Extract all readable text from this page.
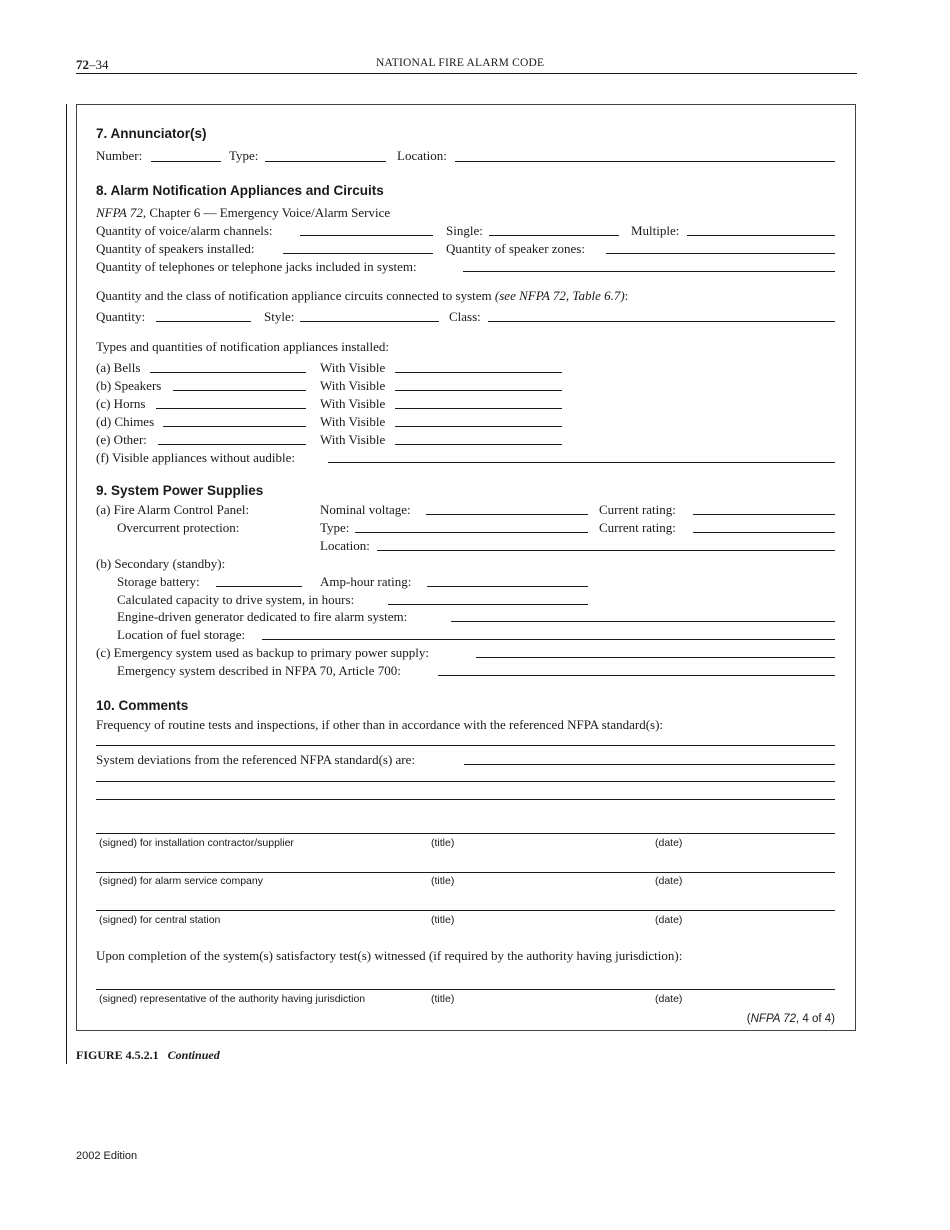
72–34	NATIONAL FIRE ALARM CODE
7. Annunciator(s)
Number:	Type:	Location:
8. Alarm Notification Appliances and Circuits
NFPA 72, Chapter 6 — Emergency Voice/Alarm Service
Quantity of voice/alarm channels:	Single:	Multiple:
Quantity of speakers installed:	Quantity of speaker zones:
Quantity of telephones or telephone jacks included in system:
Quantity and the class of notification appliance circuits connected to system (see NFPA 72, Table 6.7):
Quantity:	Style:	Class:
Types and quantities of notification appliances installed:
(a) Bells	With Visible
(b) Speakers	With Visible
(c) Horns	With Visible
(d) Chimes	With Visible
(e) Other:	With Visible
(f) Visible appliances without audible:
9. System Power Supplies
(a) Fire Alarm Control Panel:	Nominal voltage:	Current rating:
Overcurrent protection:	Type:	Current rating:
Location:
(b) Secondary (standby):
Storage battery:	Amp-hour rating:
Calculated capacity to drive system, in hours:
Engine-driven generator dedicated to fire alarm system:
Location of fuel storage:
(c) Emergency system used as backup to primary power supply:
Emergency system described in NFPA 70, Article 700:
10. Comments
Frequency of routine tests and inspections, if other than in accordance with the referenced NFPA standard(s):
System deviations from the referenced NFPA standard(s) are:
(signed) for installation contractor/supplier	(title)	(date)
(signed) for alarm service company	(title)	(date)
(signed) for central station	(title)	(date)
Upon completion of the system(s) satisfactory test(s) witnessed (if required by the authority having jurisdiction):
(signed) representative of the authority having jurisdiction	(title)	(date)
(NFPA 72, 4 of 4)
FIGURE 4.5.2.1 Continued
2002 Edition
